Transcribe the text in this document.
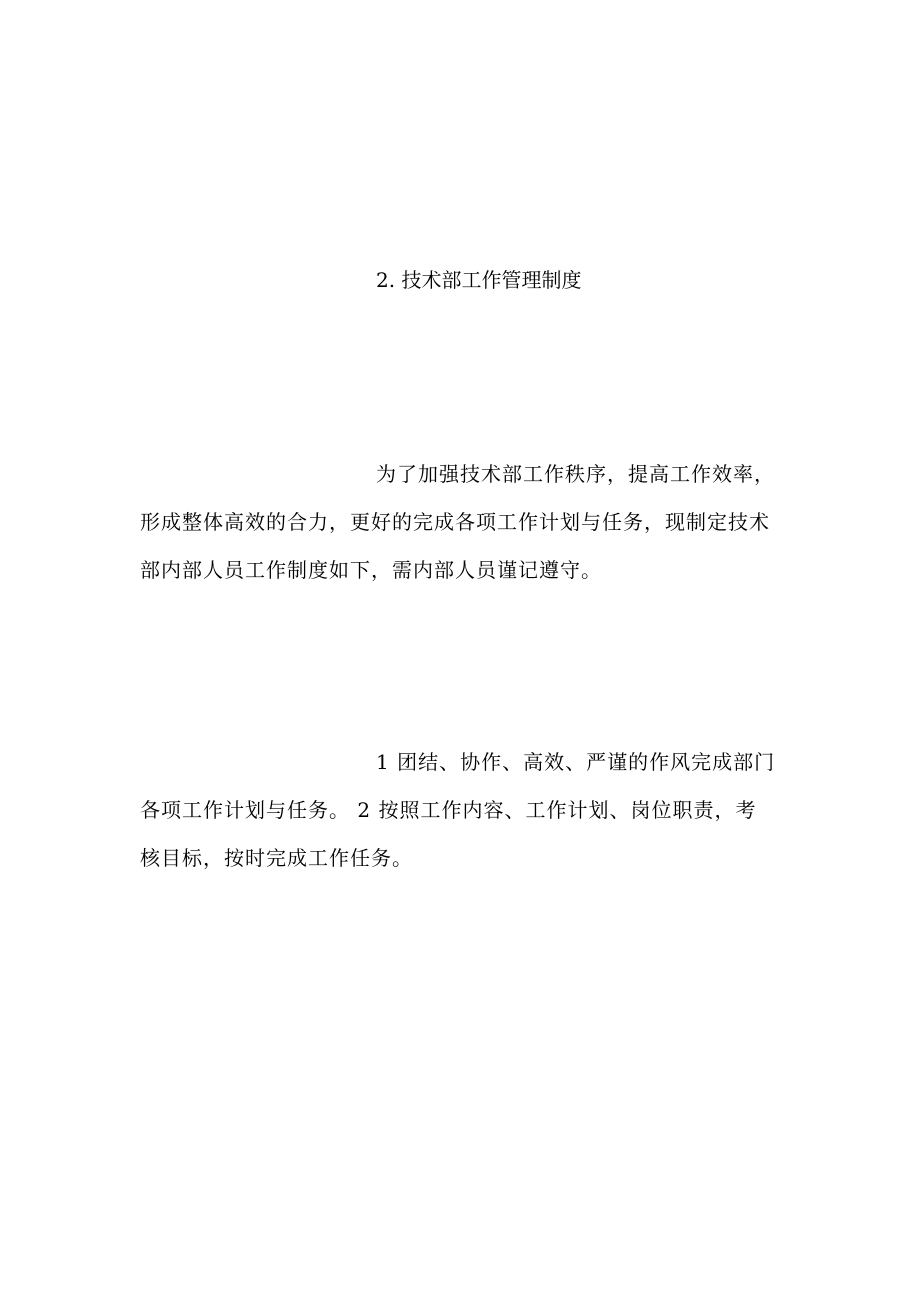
2. 技术部工作管理制度

为了加强技术部工作秩序，提高工作效率，

形成整体高效的合力，更好的完成各项工作计划与任务，现制定技术

部内部人员工作制度如下，需内部人员谨记遵守。

1 团结、协作、高效、严谨的作风完成部门

各项工作计划与任务。 2 按照工作内容、工作计划、岗位职责，考

核目标，按时完成工作任务。
